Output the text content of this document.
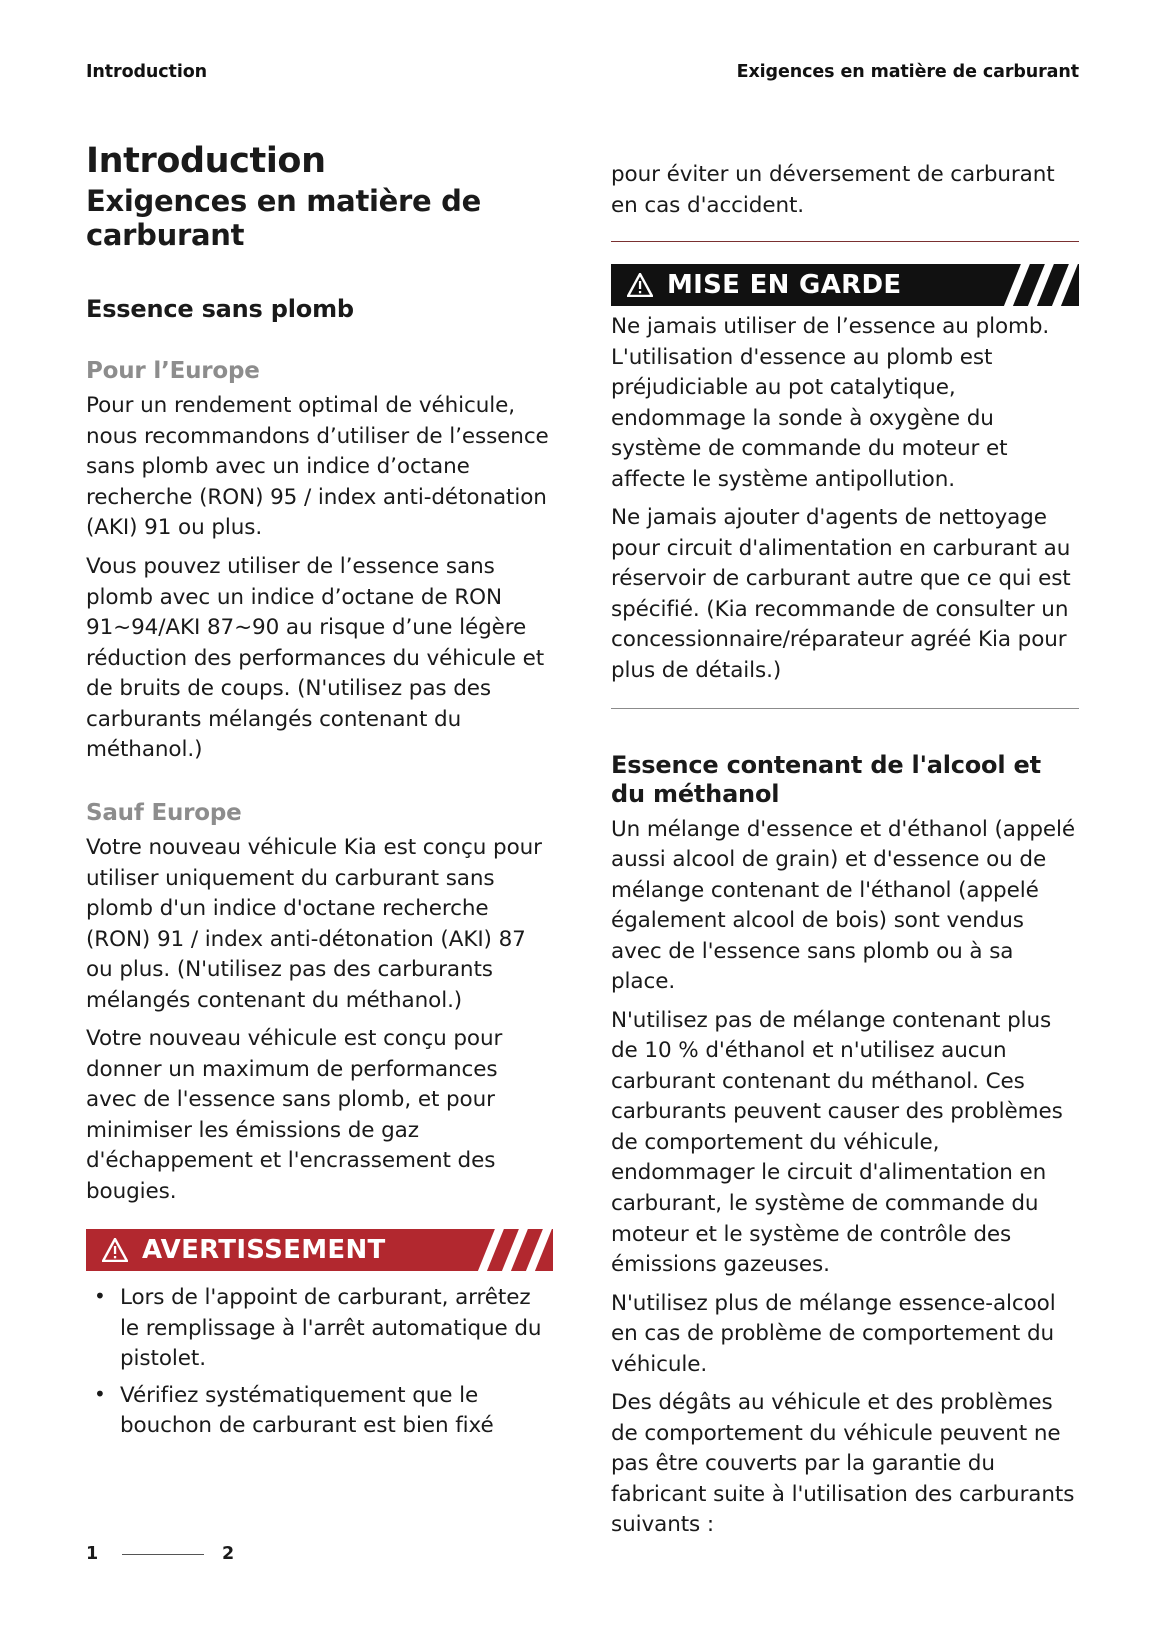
Introduction	Exigences en matière de carburant
Introduction
Exigences en matière de carburant
Essence sans plomb
Pour l’Europe

Pour un rendement optimal de véhicule, nous recommandons d’utiliser de l’essence sans plomb avec un indice d’octane recherche (RON) 95 / index anti-détonation (AKI) 91 ou plus.

Vous pouvez utiliser de l’essence sans plomb avec un indice d’octane de RON 91~94/AKI 87~90 au risque d’une légère réduction des performances du véhicule et de bruits de coups. (N'utilisez pas des carburants mélangés contenant du méthanol.)

Sauf Europe

Votre nouveau véhicule Kia est conçu pour utiliser uniquement du carburant sans plomb d'un indice d'octane recherche (RON) 91 / index anti-détonation (AKI) 87 ou plus. (N'utilisez pas des carburants mélangés contenant du méthanol.)

Votre nouveau véhicule est conçu pour donner un maximum de performances avec de l'essence sans plomb, et pour minimiser les émissions de gaz d'échappement et l'encrassement des bougies.

AVERTISSEMENT
• Lors de l'appoint de carburant, arrêtez le remplissage à l'arrêt automatique du pistolet.
• Vérifiez systématiquement que le bouchon de carburant est bien fixé

pour éviter un déversement de carburant en cas d'accident.

MISE EN GARDE

Ne jamais utiliser de l’essence au plomb. L'utilisation d'essence au plomb est préjudiciable au pot catalytique, endommage la sonde à oxygène du système de commande du moteur et affecte le système antipollution.

Ne jamais ajouter d'agents de nettoyage pour circuit d'alimentation en carburant au réservoir de carburant autre que ce qui est spécifié. (Kia recommande de consulter un concessionnaire/réparateur agréé Kia pour plus de détails.)

Essence contenant de l'alcool et du méthanol

Un mélange d'essence et d'éthanol (appelé aussi alcool de grain) et d'essence ou de mélange contenant de l'éthanol (appelé également alcool de bois) sont vendus avec de l'essence sans plomb ou à sa place.

N'utilisez pas de mélange contenant plus de 10 % d'éthanol et n'utilisez aucun carburant contenant du méthanol. Ces carburants peuvent causer des problèmes de comportement du véhicule, endommager le circuit d'alimentation en carburant, le système de commande du moteur et le système de contrôle des émissions gazeuses.

N'utilisez plus de mélange essence-alcool en cas de problème de comportement du véhicule.

Des dégâts au véhicule et des problèmes de comportement du véhicule peuvent ne pas être couverts par la garantie du fabricant suite à l'utilisation des carburants suivants :

1	2
